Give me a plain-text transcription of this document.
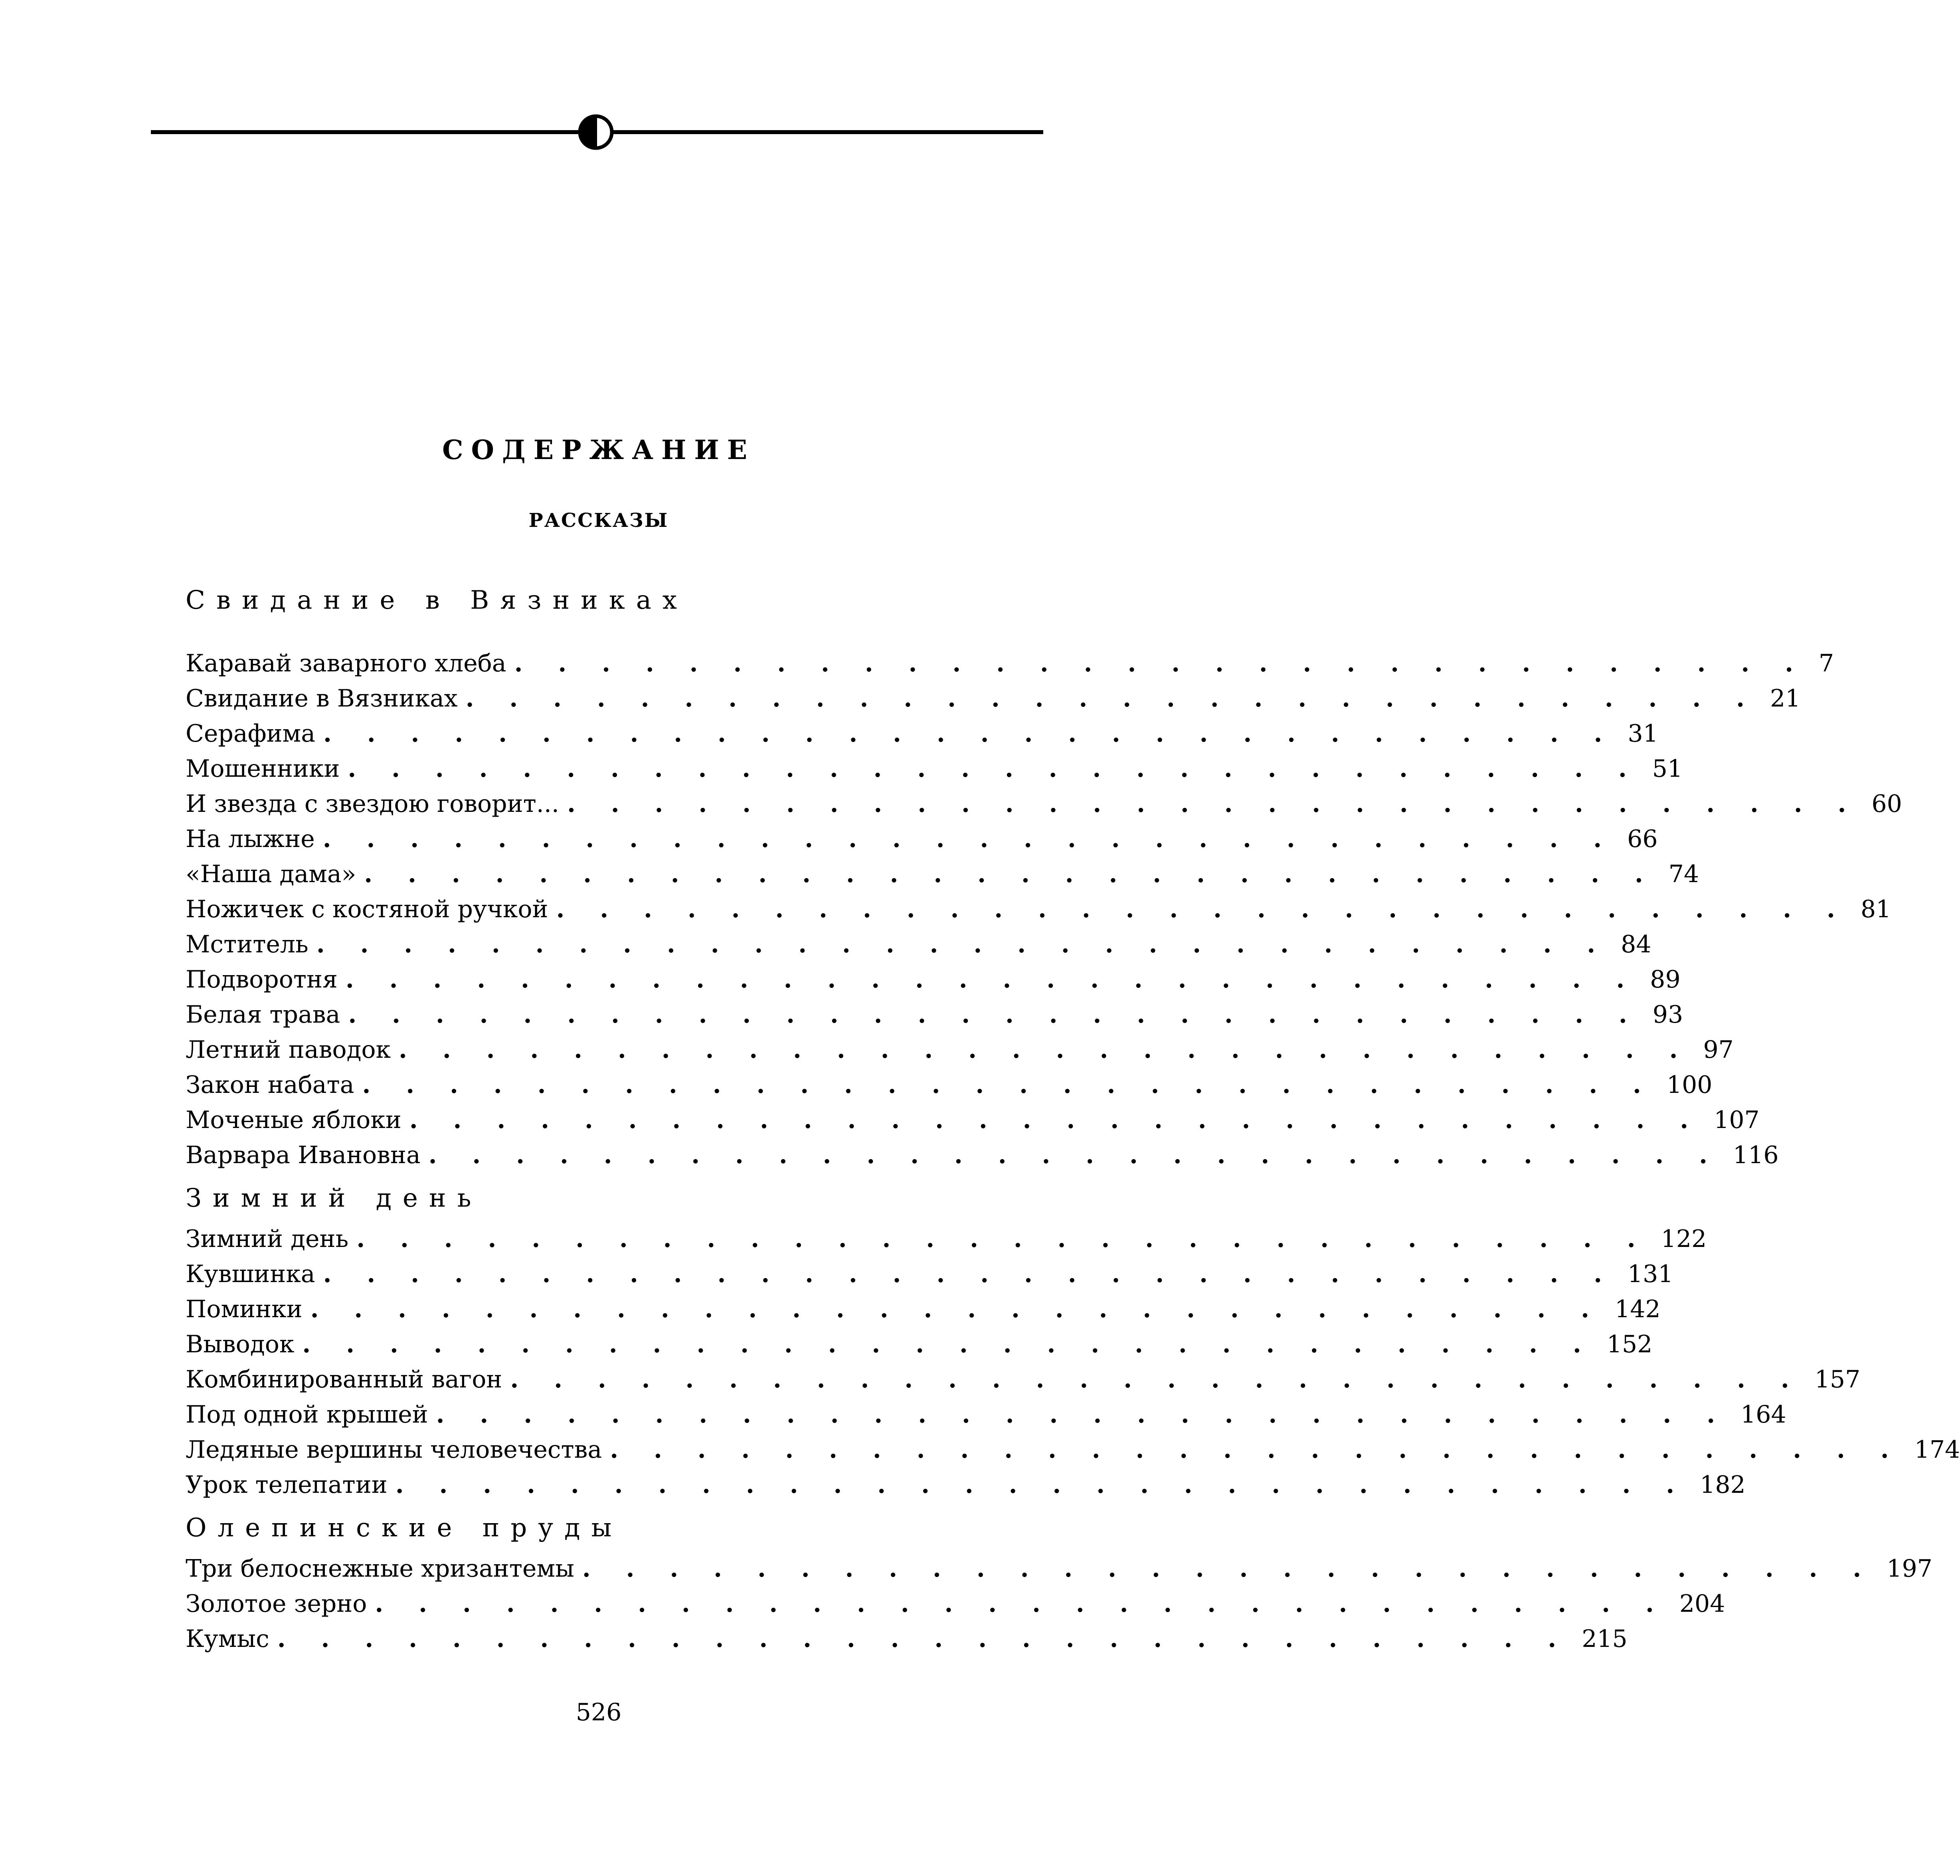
СОДЕРЖАНИЕ
РАССКАЗЫ
Свидание в Вязниках
Каравай заварного хлеба . . . . . . . . . . . . . . . . . . . . . . . . . . . . . . 7
Свидание в Вязниках . . . . . . . . . . . . . . . . . . . . . . . . . . . . . . 21
Серафима . . . . . . . . . . . . . . . . . . . . . . . . . . . . . . 31
Мошенники . . . . . . . . . . . . . . . . . . . . . . . . . . . . . . 51
И звезда с звездою говорит... . . . . . . . . . . . . . . . . . . . . . . . . . . . . . . 60
На лыжне . . . . . . . . . . . . . . . . . . . . . . . . . . . . . . 66
«Наша дама» . . . . . . . . . . . . . . . . . . . . . . . . . . . . . . 74
Ножичек с костяной ручкой . . . . . . . . . . . . . . . . . . . . . . . . . . . . . . 81
Мститель . . . . . . . . . . . . . . . . . . . . . . . . . . . . . . 84
Подворотня . . . . . . . . . . . . . . . . . . . . . . . . . . . . . . 89
Белая трава . . . . . . . . . . . . . . . . . . . . . . . . . . . . . . 93
Летний паводок . . . . . . . . . . . . . . . . . . . . . . . . . . . . . . 97
Закон набата . . . . . . . . . . . . . . . . . . . . . . . . . . . . . . 100
Моченые яблоки . . . . . . . . . . . . . . . . . . . . . . . . . . . . . . 107
Варвара Ивановна . . . . . . . . . . . . . . . . . . . . . . . . . . . . . . 116
Зимний день
Зимний день . . . . . . . . . . . . . . . . . . . . . . . . . . . . . . 122
Кувшинка . . . . . . . . . . . . . . . . . . . . . . . . . . . . . . 131
Поминки . . . . . . . . . . . . . . . . . . . . . . . . . . . . . . 142
Выводок . . . . . . . . . . . . . . . . . . . . . . . . . . . . . . 152
Комбинированный вагон . . . . . . . . . . . . . . . . . . . . . . . . . . . . . . 157
Под одной крышей . . . . . . . . . . . . . . . . . . . . . . . . . . . . . . 164
Ледяные вершины человечества . . . . . . . . . . . . . . . . . . . . . . . . . . . . . . 174
Урок телепатии . . . . . . . . . . . . . . . . . . . . . . . . . . . . . . 182
Олепинские пруды
Три белоснежные хризантемы . . . . . . . . . . . . . . . . . . . . . . . . . . . . . . 197
Золотое зерно . . . . . . . . . . . . . . . . . . . . . . . . . . . . . . 204
Кумыс . . . . . . . . . . . . . . . . . . . . . . . . . . . . . . 215
526
